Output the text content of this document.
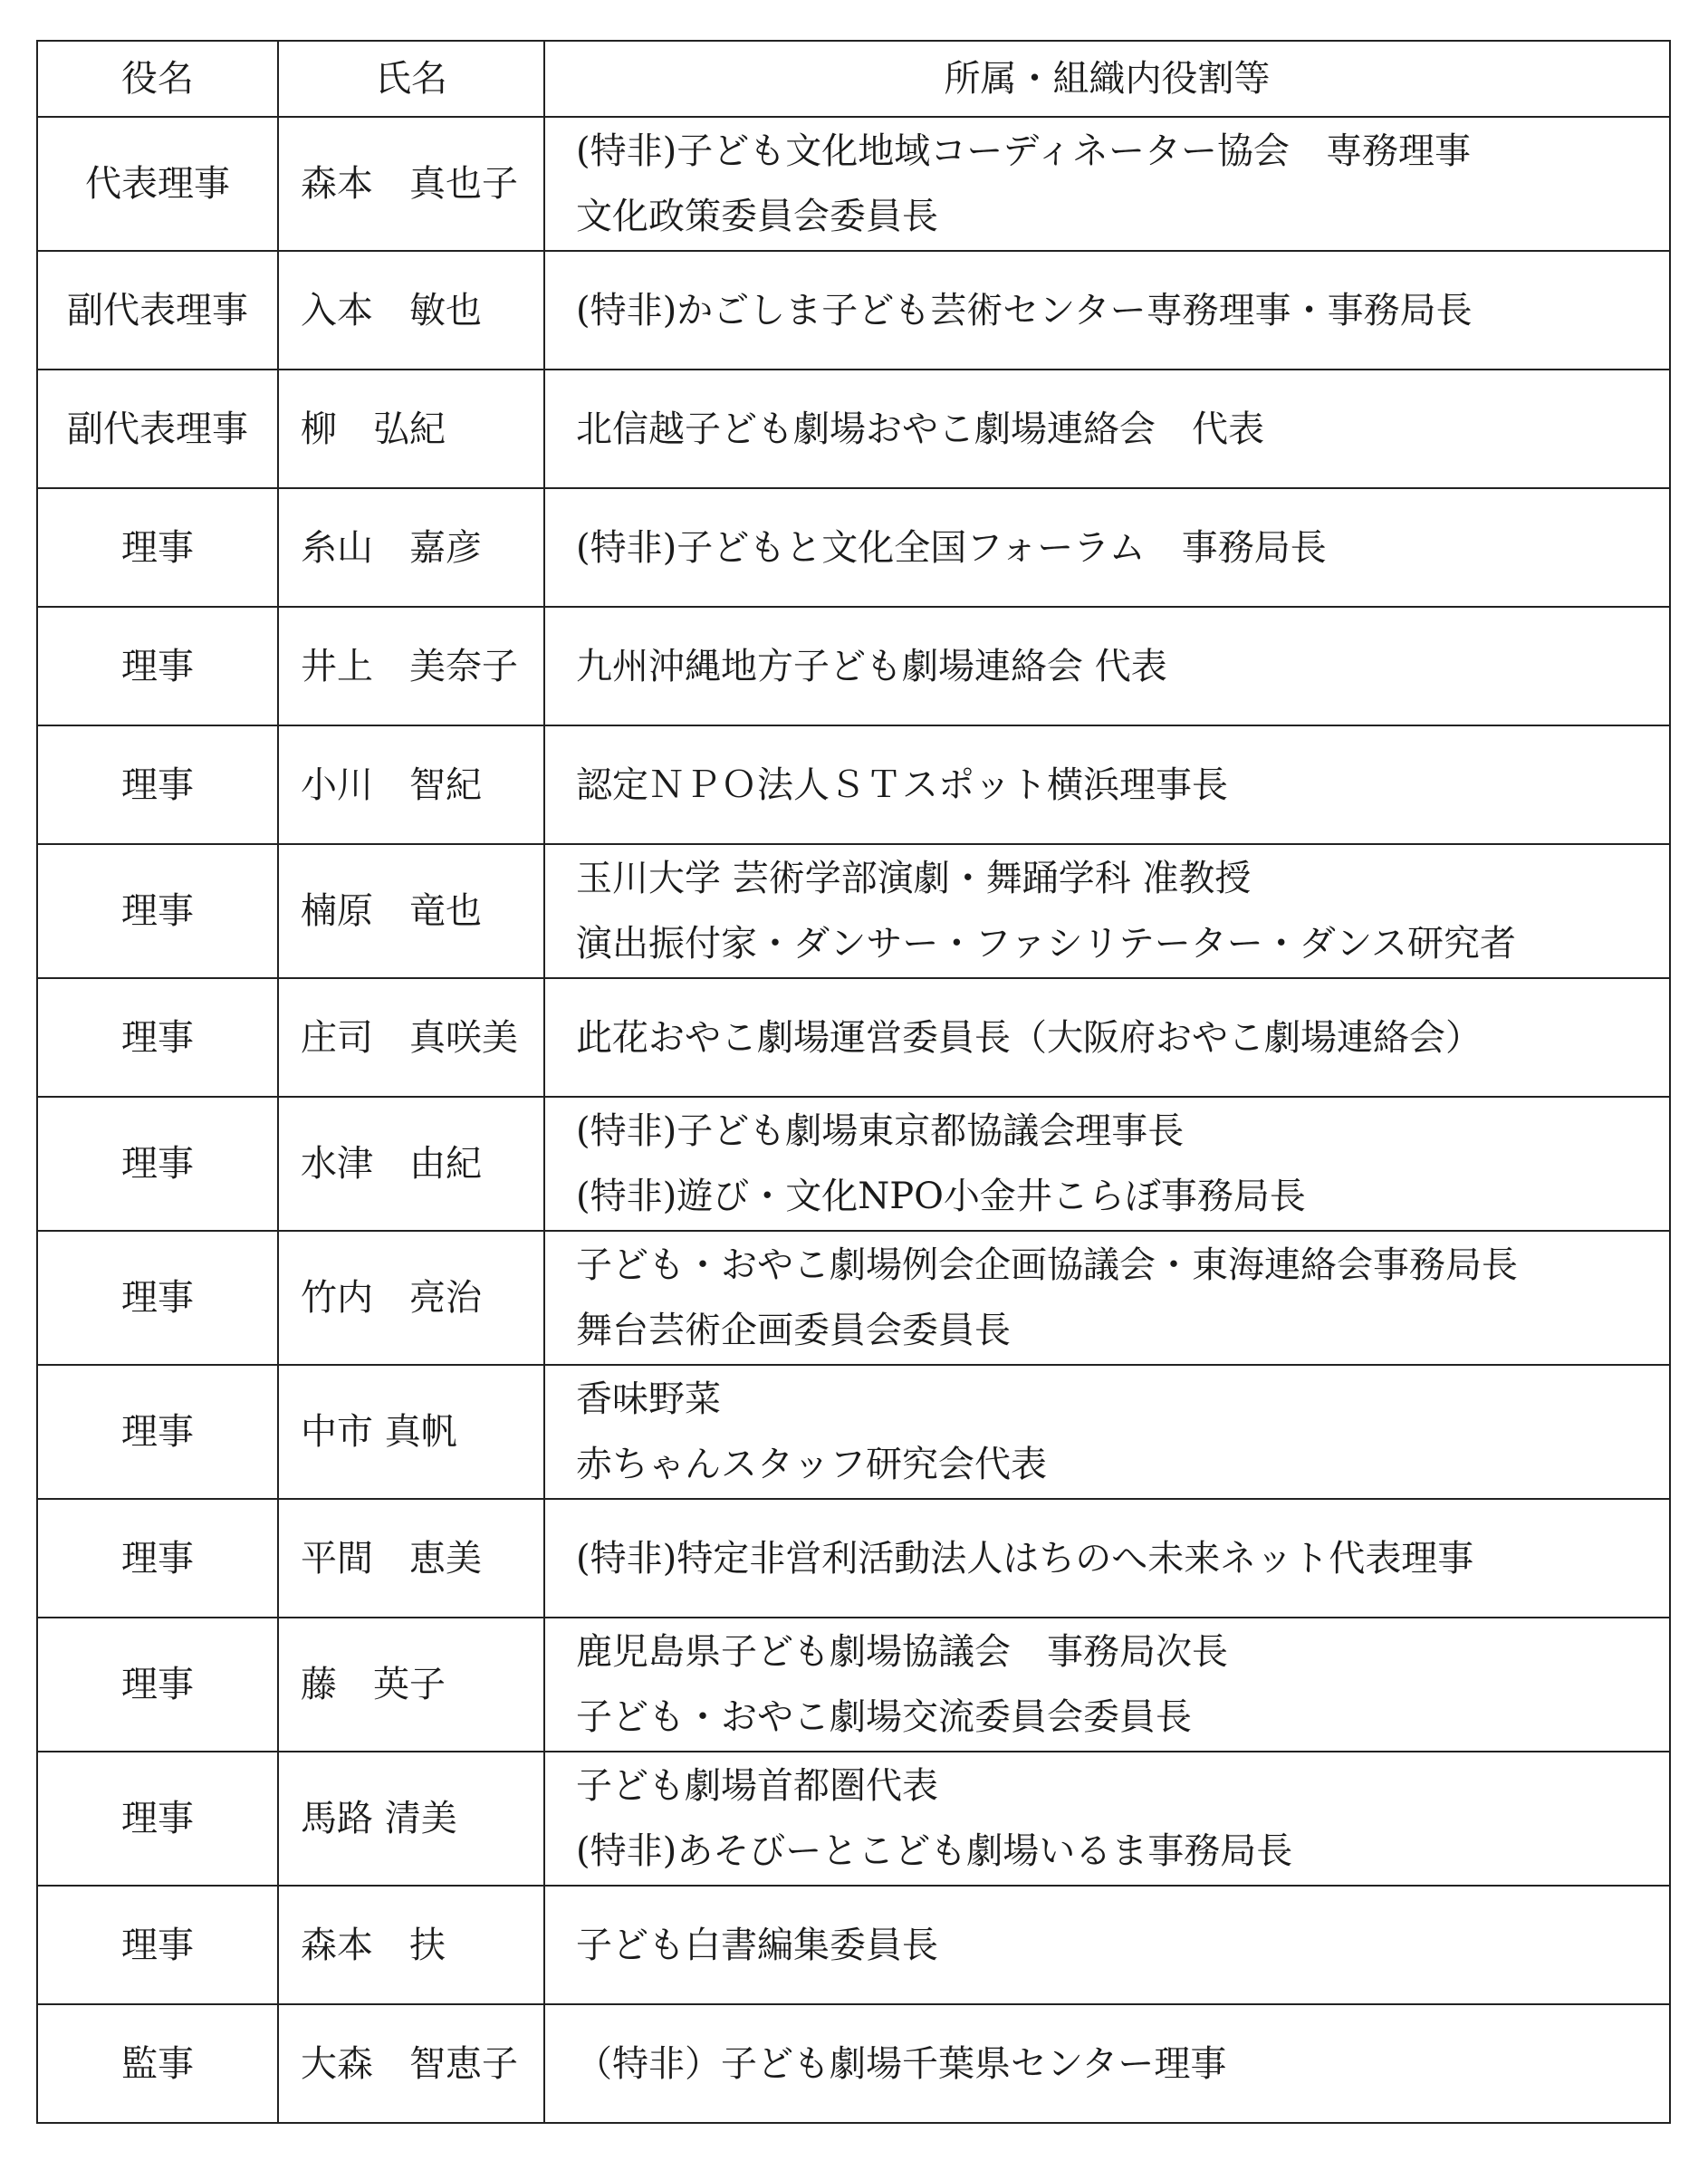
役名	氏名	所属・組織内役割等
代表理事	森本　真也子	(特非)子ども文化地域コーディネーター協会　専務理事
文化政策委員会委員長

副代表理事	入本　敏也	(特非)かごしま子ども芸術センター専務理事・事務局長

副代表理事	柳　弘紀	北信越子ども劇場おやこ劇場連絡会　代表

理事	糸山　嘉彦	(特非)子どもと文化全国フォーラム　事務局長

理事	井上　美奈子	九州沖縄地方子ども劇場連絡会 代表

理事	小川　智紀	認定ＮＰＯ法人ＳＴスポット横浜理事長

理事	楠原　竜也	玉川大学 芸術学部演劇・舞踊学科 准教授
演出振付家・ダンサー・ファシリテーター・ダンス研究者

理事	庄司　真咲美	此花おやこ劇場運営委員長（大阪府おやこ劇場連絡会）

理事	水津　由紀	(特非)子ども劇場東京都協議会理事長
(特非)遊び・文化NPO小金井こらぼ事務局長

理事	竹内　亮治	子ども・おやこ劇場例会企画協議会・東海連絡会事務局長
舞台芸術企画委員会委員長

理事	中市 真帆	香味野菜
赤ちゃんスタッフ研究会代表

理事	平間　恵美	(特非)特定非営利活動法人はちのへ未来ネット代表理事

理事	藤　英子	鹿児島県子ども劇場協議会　事務局次長
子ども・おやこ劇場交流委員会委員長

理事	馬路 清美	子ども劇場首都圏代表
(特非)あそびーとこども劇場いるま事務局長

理事	森本　扶	子ども白書編集委員長

監事	大森　智恵子	（特非）子ども劇場千葉県センター理事
